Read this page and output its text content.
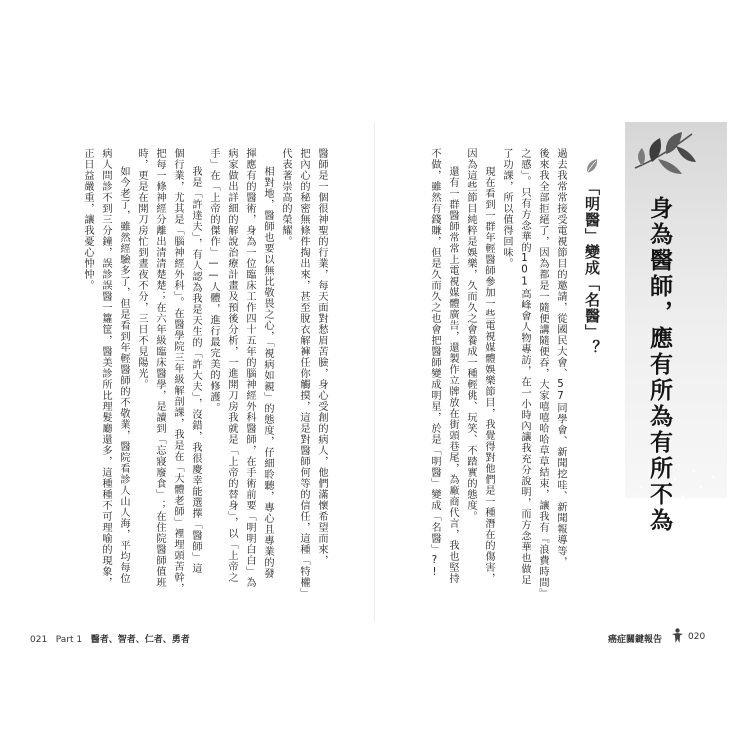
身為醫師，應有所為有所不為
「明醫」變成「名醫」？
過去我常常接受電視節目的邀請，從國民大會、57同學會、新聞挖哇、新聞報導等，
後來我全部拒絕了，因為都是一隨便講隨便吞，大家嘻嘻哈哈草草結束，讓我有『浪費時間』
之感」。只有方念華的101高峰會人物專訪，在一小時內讓我充分說明，而方念華也做足
了功課，所以值得回味。
現在看到一群年輕醫師參加一些電視媒體娛樂節目，我覺得對他們是一種潛在的傷害，
因為這些節目純粹是娛樂，久而久之會養成一種輕佻、玩笑、不踏實的態度。
還有一群醫師常常上電視媒體廣告，還製作立牌放在街頭巷尾，為廠商代言，我也堅持
不做，雖然有錢賺，但是久而久之也會把醫師變成明星，於是「明醫」變成「名醫」?!
醫師是一個很神聖的行業，每天面對愁眉苦臉，身心受創的病人，他們滿懷希望而來，
把內心的秘密無條件掏出來，甚至脫衣解褲任你觸摸，這是對醫師何等的信任，這種「特權」
代表著崇高的榮耀。
相對地，醫師也要以無比敬畏之心，「視病如親」的態度，仔細聆聽，專心且專業的發
揮應有的醫術，身為一位臨床工作四十五年的腦神經外科醫師，在手術前要「明明白白」為
病家做出詳細的解說治療計畫及預後分析，一進開刀房我就是「上帝的替身」，以「上帝之
手」在「上帝的傑作」——人體，進行最完美的修護。
我是「許達夫」，有人認為我是天生的「許大夫」，沒錯，我很慶幸能選擇「醫師」這
個行業，尤其是「腦神經外科」。在醫學院三年級解剖課，我是在「大體老師」裡埋頭苦幹，
把每一條神經分離出清清楚楚；在六年級臨床醫學，是讀到「忘寢廢食」；在住院醫師值班
時，更是在開刀房忙到晝夜不分，三日不見陽光。
如今老了，雖然經驗多了，但是看到年輕醫師的不敬業，醫院看診人山人海，平均每位
病人問診不到三分鐘，誤診誤醫一籮筐，醫美診所比理髮廳還多，這種種不可理喻的現象，
正日益嚴重，讓我憂心忡忡。
021 Part 1 醫者、智者、仁者、勇者	癌症關鍵報告	020
